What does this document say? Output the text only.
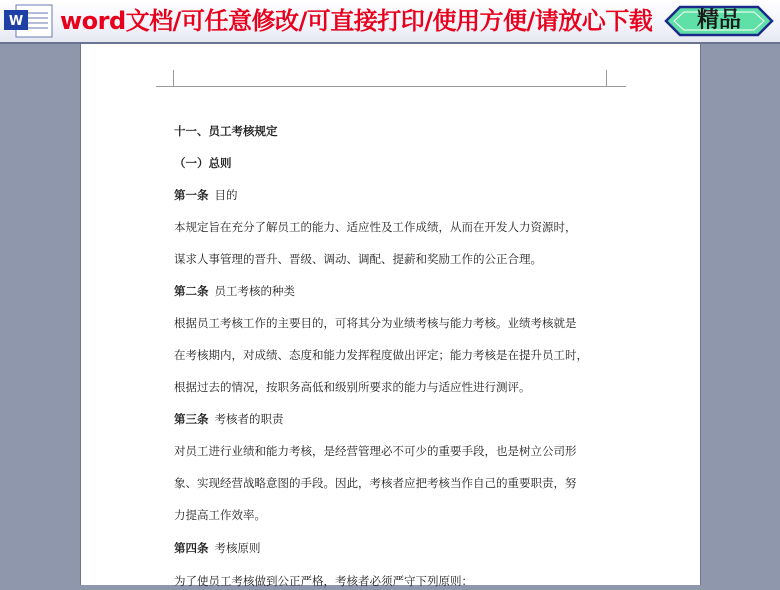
W word文档/可任意修改/可直接打印/使用方便/请放心下载	精品
十一、员工考核规定
（一）总则
第一条 目的
本规定旨在充分了解员工的能力、适应性及工作成绩，从而在开发人力资源时，
谋求人事管理的晋升、晋级、调动、调配、提薪和奖励工作的公正合理。
第二条 员工考核的种类
根据员工考核工作的主要目的，可将其分为业绩考核与能力考核。业绩考核就是
在考核期内，对成绩、态度和能力发挥程度做出评定；能力考核是在提升员工时，
根据过去的情况，按职务高低和级别所要求的能力与适应性进行测评。
第三条 考核者的职责
对员工进行业绩和能力考核，是经营管理必不可少的重要手段，也是树立公司形
象、实现经营战略意图的手段。因此，考核者应把考核当作自己的重要职责，努
力提高工作效率。
第四条 考核原则
为了使员工考核做到公正严格，考核者必须严守下列原则：
